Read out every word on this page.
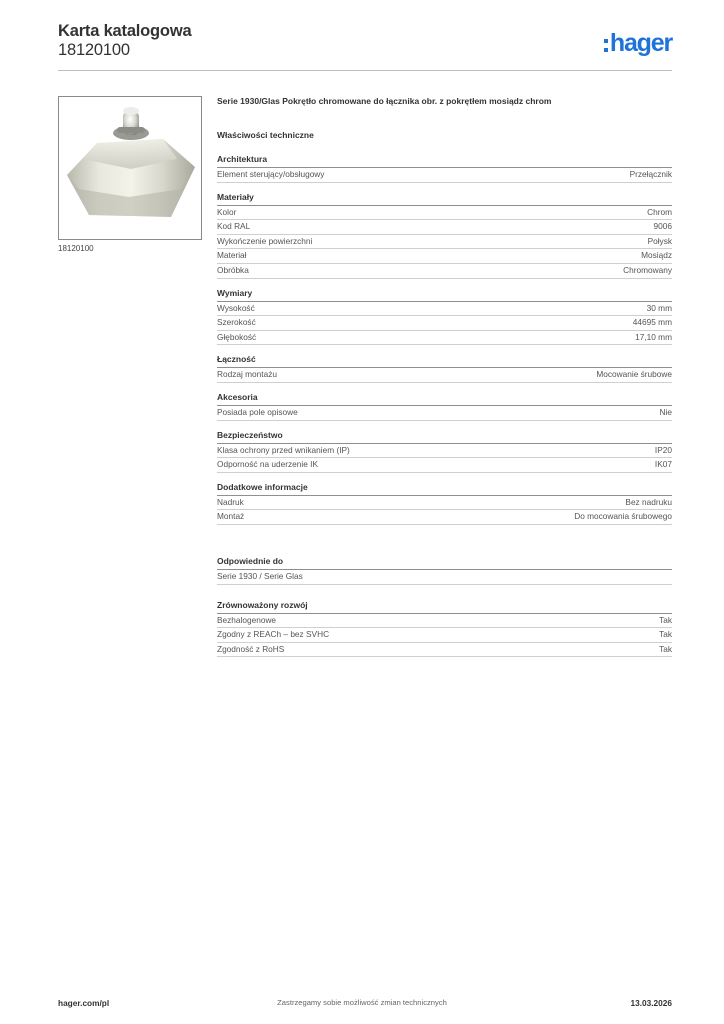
Karta katalogowa
18120100	hager
18120100
Serie 1930/Glas Pokrętło chromowane do łącznika obr. z pokrętłem mosiądz chrom
Właściwości techniczne
Architektura
Element sterujący/obsługowy	Przełącznik
Materiały
Kolor	Chrom
Kod RAL	9006
Wykończenie powierzchni	Połysk
Materiał	Mosiądz
Obróbka	Chromowany
Wymiary
Wysokość	30 mm
Szerokość	44695 mm
Głębokość	17,10 mm
Łączność
Rodzaj montażu	Mocowanie śrubowe
Akcesoria
Posiada pole opisowe	Nie
Bezpieczeństwo
Klasa ochrony przed wnikaniem (IP)	IP20
Odporność na uderzenie IK	IK07
Dodatkowe informacje
Nadruk	Bez nadruku
Montaż	Do mocowania śrubowego
Odpowiednie do
Serie 1930 / Serie Glas
Zrównoważony rozwój
Bezhalogenowe	Tak
Zgodny z REACh – bez SVHC	Tak
Zgodność z RoHS	Tak
hager.com/pl	Zastrzegamy sobie możliwość zmian technicznych	13.03.2026
